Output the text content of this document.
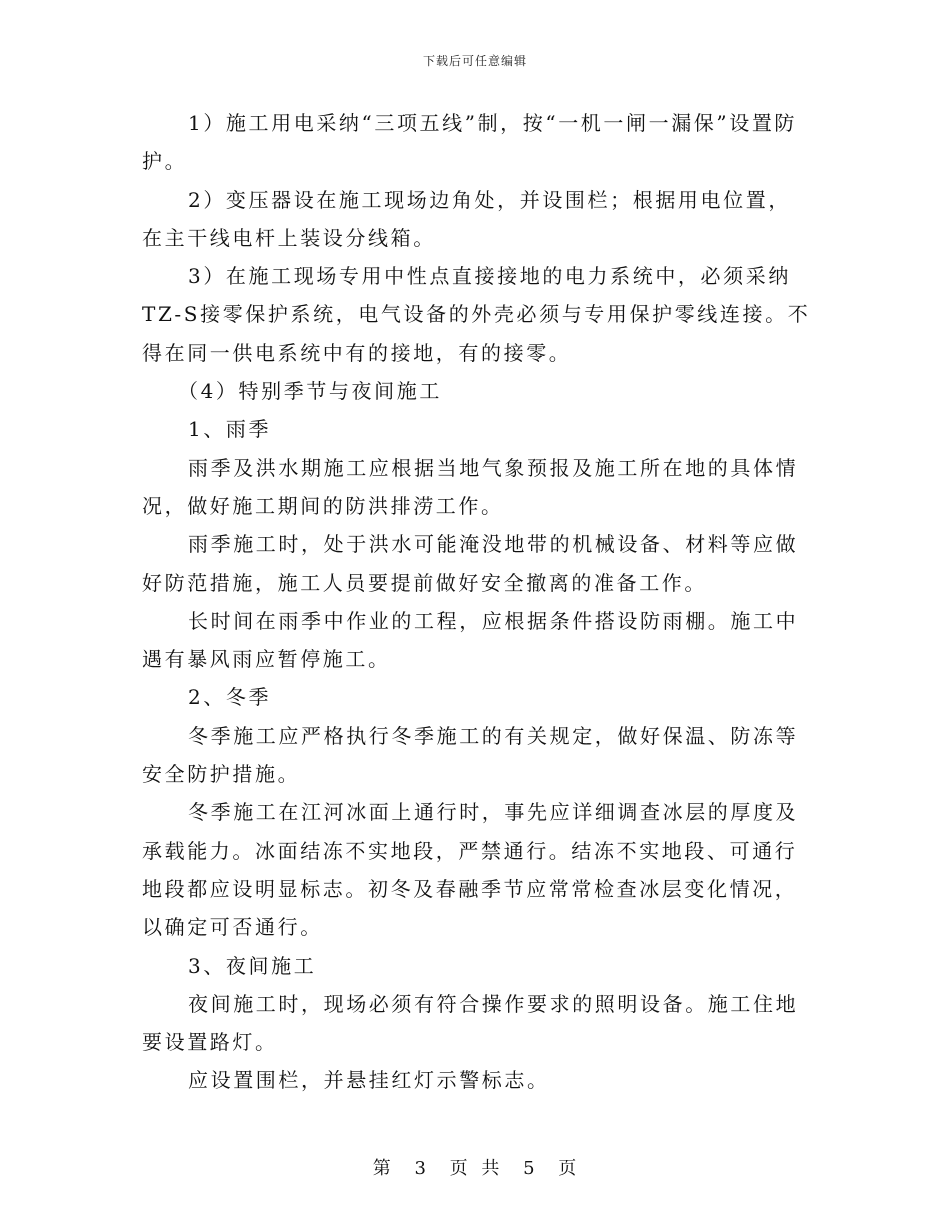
下载后可任意编辑

1）施工用电采纳“三项五线”制，按“一机一闸一漏保”设置防护。

2）变压器设在施工现场边角处，并设围栏；根据用电位置，在主干线电杆上装设分线箱。

3）在施工现场专用中性点直接接地的电力系统中，必须采纳TZ-S接零保护系统，电气设备的外壳必须与专用保护零线连接。不得在同一供电系统中有的接地，有的接零。

（4）特别季节与夜间施工

1、雨季

雨季及洪水期施工应根据当地气象预报及施工所在地的具体情况，做好施工期间的防洪排涝工作。

雨季施工时，处于洪水可能淹没地带的机械设备、材料等应做好防范措施，施工人员要提前做好安全撤离的准备工作。

长时间在雨季中作业的工程，应根据条件搭设防雨棚。施工中遇有暴风雨应暂停施工。

2、冬季

冬季施工应严格执行冬季施工的有关规定，做好保温、防冻等安全防护措施。

冬季施工在江河冰面上通行时，事先应详细调查冰层的厚度及承载能力。冰面结冻不实地段，严禁通行。结冻不实地段、可通行地段都应设明显标志。初冬及春融季节应常常检查冰层变化情况，以确定可否通行。

3、夜间施工

夜间施工时，现场必须有符合操作要求的照明设备。施工住地要设置路灯。

应设置围栏，并悬挂红灯示警标志。

第 3 页 共 5 页
